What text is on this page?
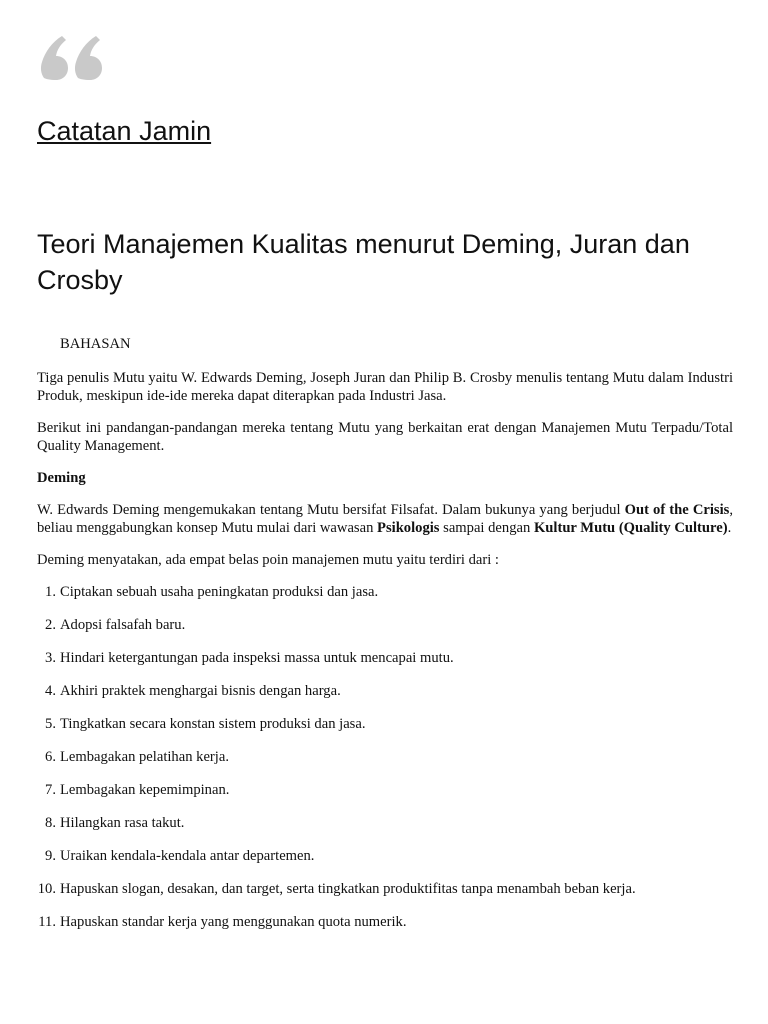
Catatan Jamin
Teori Manajemen Kualitas menurut Deming, Juran dan Crosby

BAHASAN

Tiga penulis Mutu yaitu W. Edwards Deming, Joseph Juran dan Philip B. Crosby menulis tentang Mutu dalam Industri Produk, meskipun ide-ide mereka dapat diterapkan pada Industri Jasa.

Berikut ini pandangan-pandangan mereka tentang Mutu yang berkaitan erat dengan Manajemen Mutu Terpadu/Total Quality Management.

Deming

W. Edwards Deming mengemukakan tentang Mutu bersifat Filsafat. Dalam bukunya yang berjudul Out of the Crisis, beliau menggabungkan konsep Mutu mulai dari wawasan Psikologis sampai dengan Kultur Mutu (Quality Culture).

Deming menyatakan, ada empat belas poin manajemen mutu yaitu terdiri dari :

1. Ciptakan sebuah usaha peningkatan produksi dan jasa.
2. Adopsi falsafah baru.
3. Hindari ketergantungan pada inspeksi massa untuk mencapai mutu.
4. Akhiri praktek menghargai bisnis dengan harga.
5. Tingkatkan secara konstan sistem produksi dan jasa.
6. Lembagakan pelatihan kerja.
7. Lembagakan kepemimpinan.
8. Hilangkan rasa takut.
9. Uraikan kendala-kendala antar departemen.
10. Hapuskan slogan, desakan, dan target, serta tingkatkan produktifitas tanpa menambah beban kerja.
11. Hapuskan standar kerja yang menggunakan quota numerik.
